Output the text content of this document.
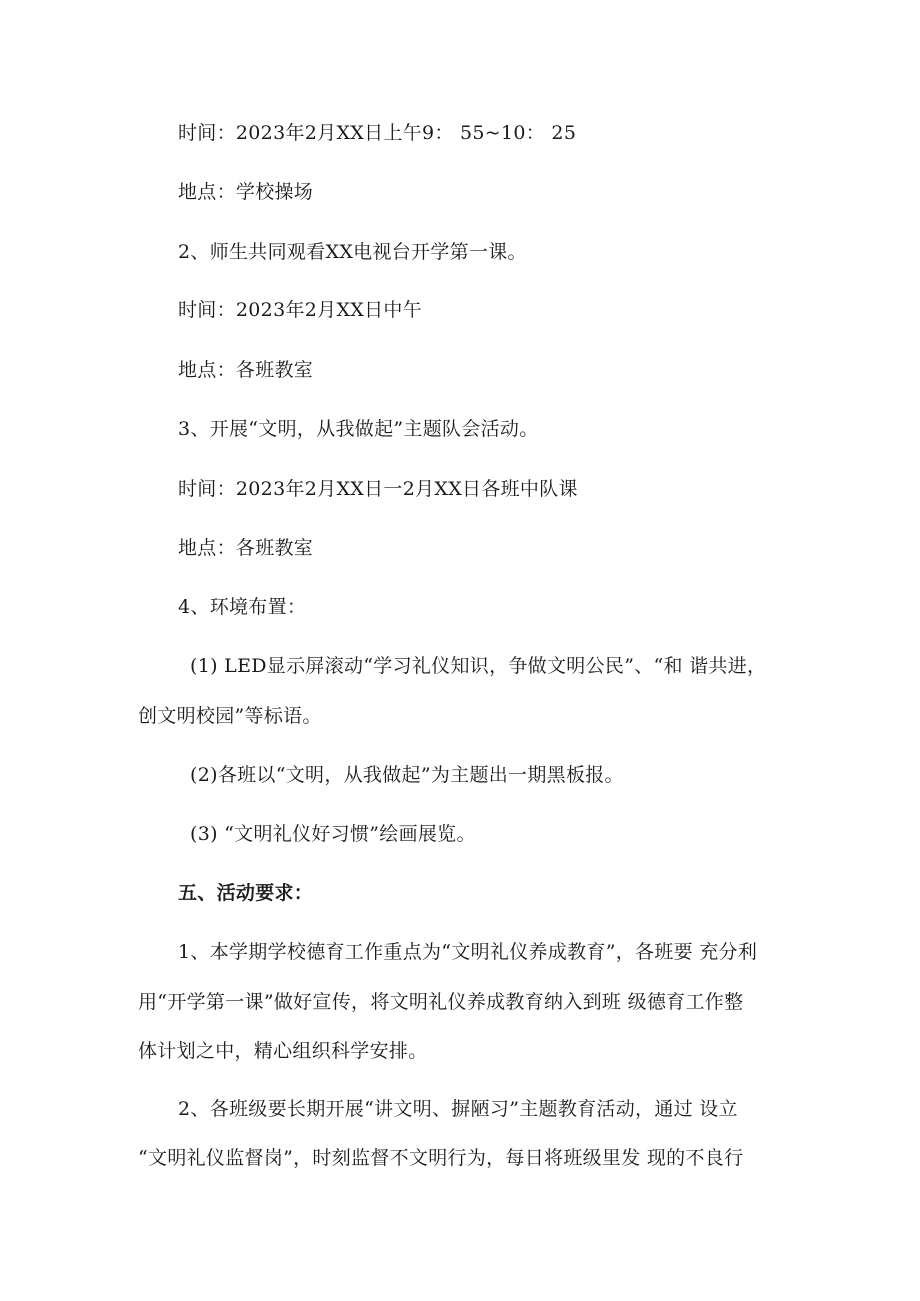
时间：2023年2月XX日上午9： 55~10： 25
地点：学校操场
2、师生共同观看XX电视台开学第一课。
时间：2023年2月XX日中午
地点：各班教室
3、开展“文明，从我做起”主题队会活动。
时间：2023年2月XX日一2月XX日各班中队课
地点：各班教室
4、环境布置：
(1) LED显示屏滚动“学习礼仪知识，争做文明公民”、“和 谐共进，
创文明校园”等标语。
(2)各班以“文明，从我做起”为主题出一期黑板报。
(3) “文明礼仪好习惯”绘画展览。
五、活动要求：
1、本学期学校德育工作重点为“文明礼仪养成教育”，各班要 充分利
用“开学第一课”做好宣传，将文明礼仪养成教育纳入到班 级德育工作整
体计划之中，精心组织科学安排。
2、各班级要长期开展“讲文明、摒陋习”主题教育活动，通过 设立
“文明礼仪监督岗”，时刻监督不文明行为，每日将班级里发 现的不良行
